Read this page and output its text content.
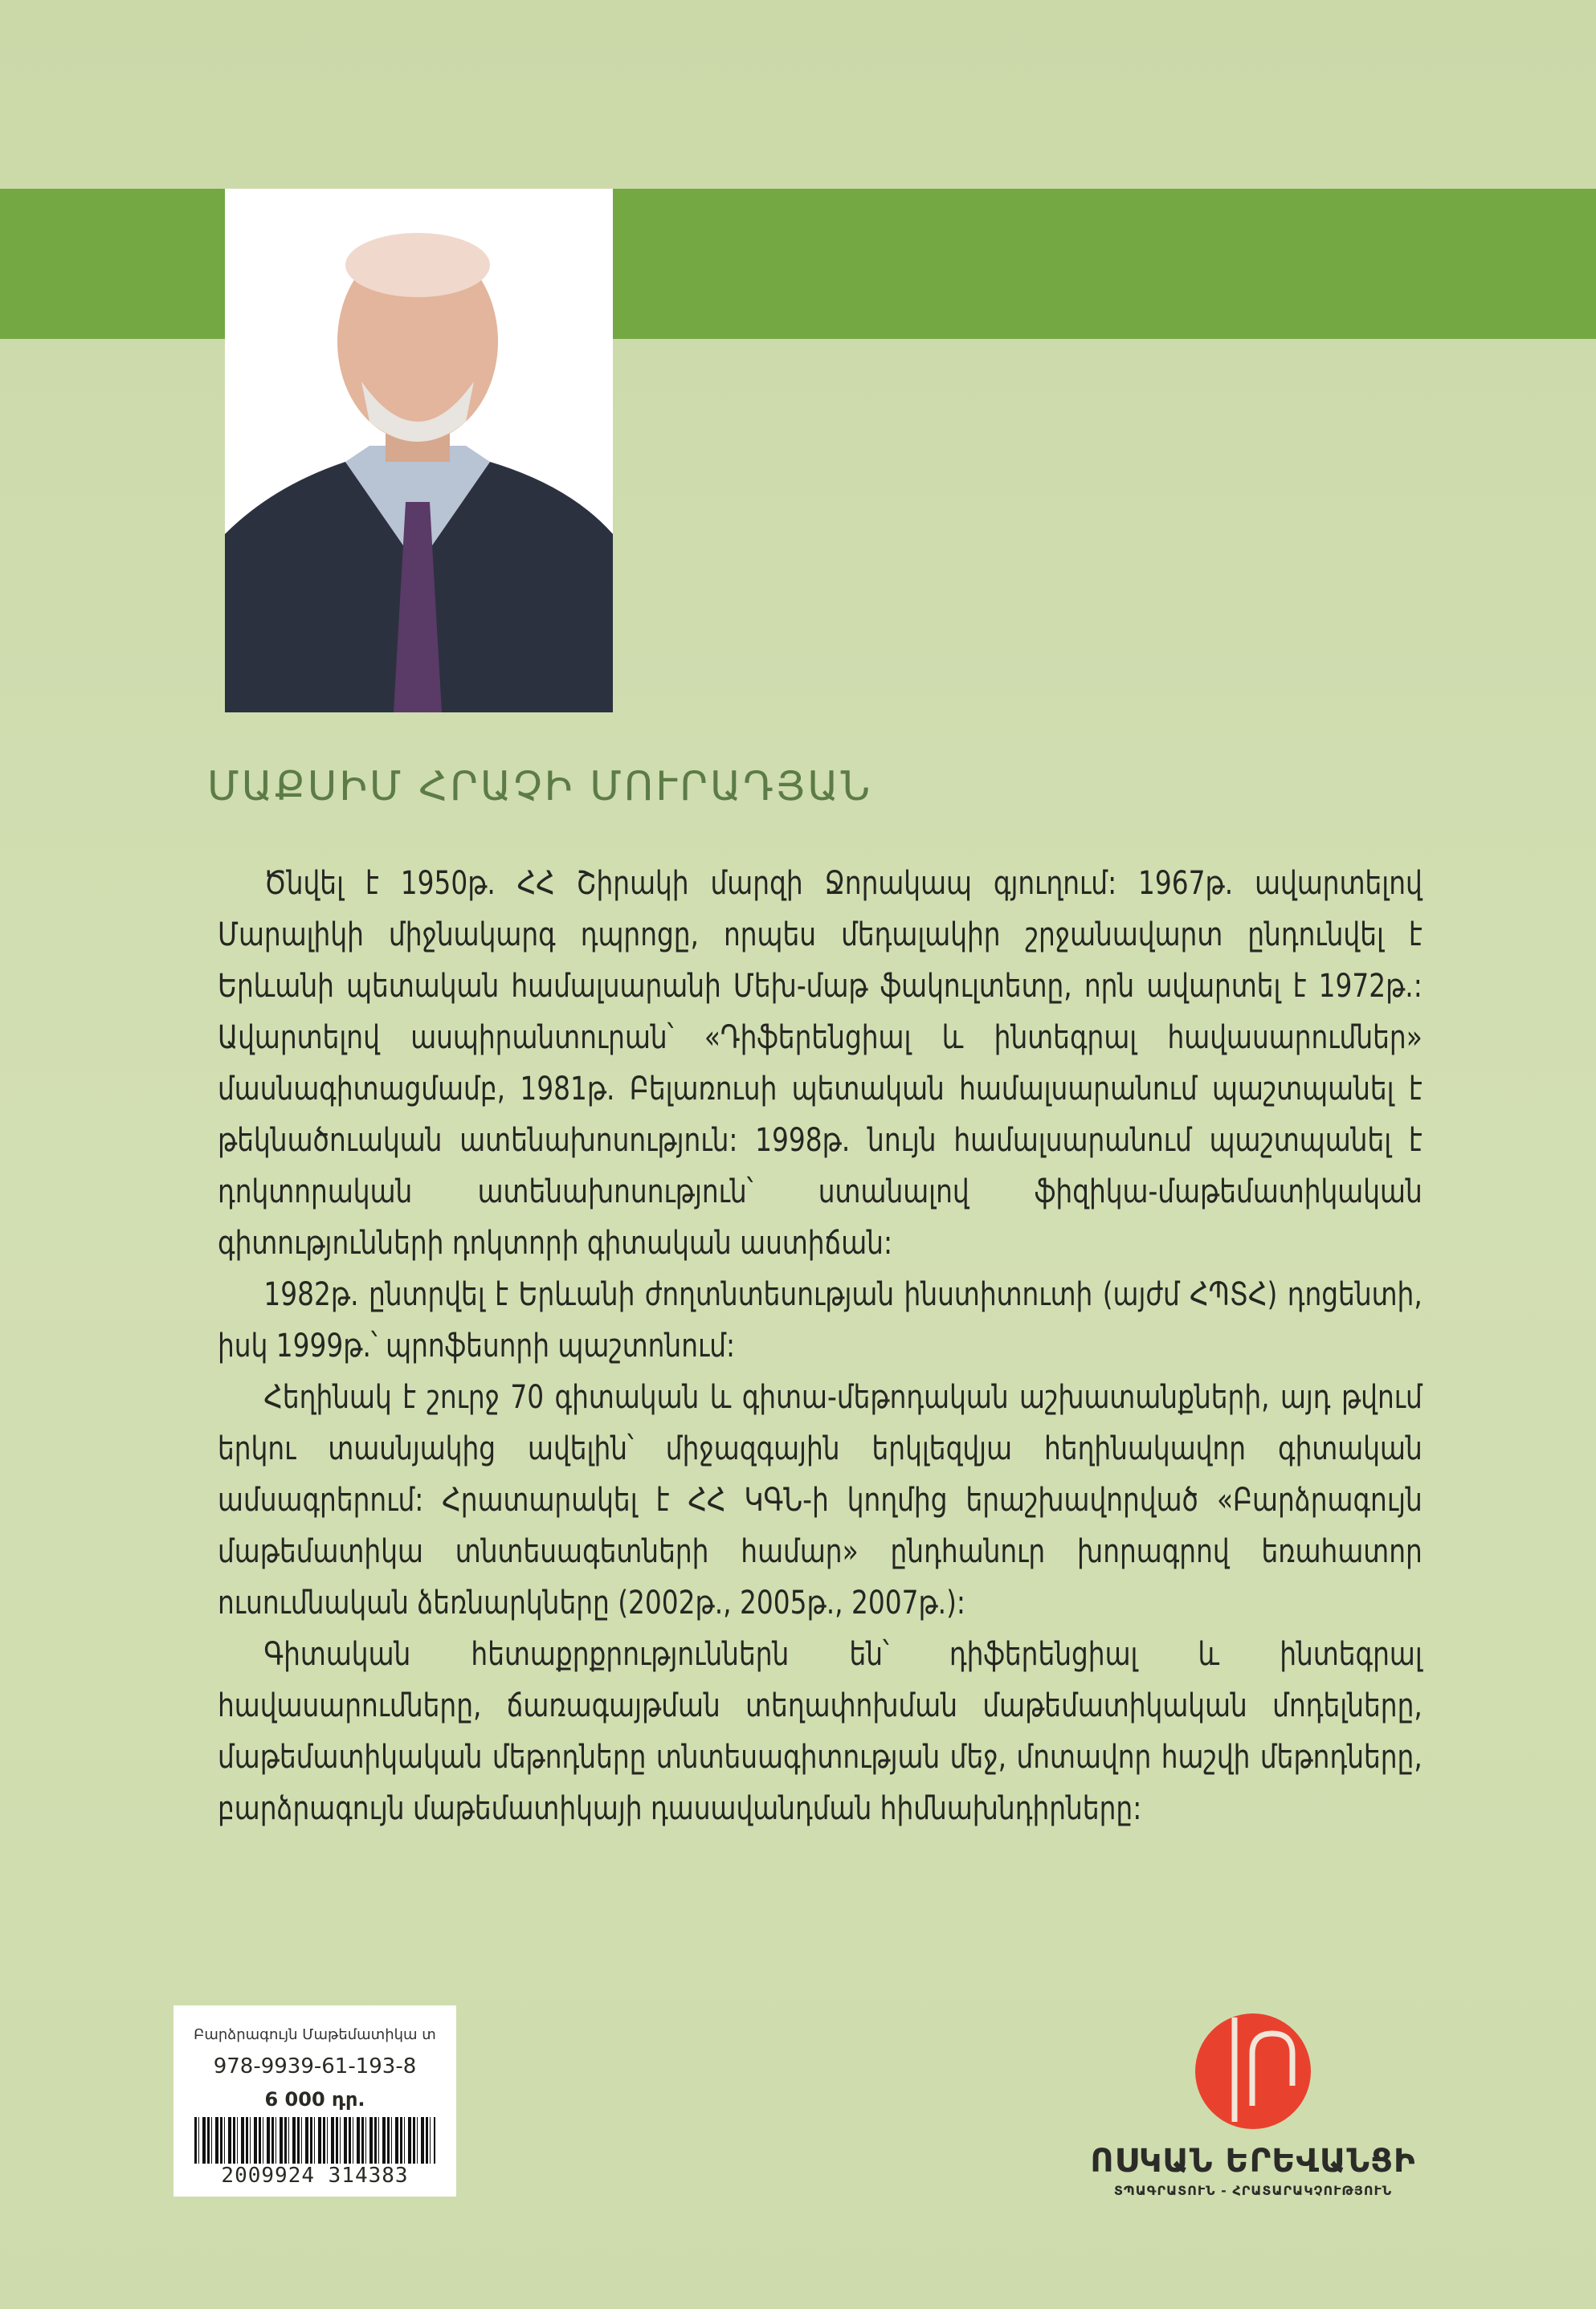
ՄԱՔՍԻՄ ՀՐԱՉԻ ՄՈՒՐԱԴՅԱՆ

Ծնվել է 1950թ. ՀՀ Շիրակի մարզի Ջորակապ գյուղում: 1967թ. ավարտելով Մարալիկի միջնակարգ դպրոցը, որպես մեդալակիր շրջանավարտ ընդունվել է Երևանի պետական համալսարանի Մեխ-մաթ ֆակուլտետը, որն ավարտել է 1972թ.: Ավարտելով ասպիրանտուրան՝ «Դիֆերենցիալ և ինտեգրալ հավասարումներ» մասնագիտացմամբ, 1981թ. Բելառուսի պետական համալսարանում պաշտպանել է թեկնածուական ատենախոսություն: 1998թ. նույն համալսարանում պաշտպանել է դոկտորական ատենախոսություն՝ ստանալով ֆիզիկա-մաթեմատիկական գիտությունների դոկտորի գիտական աստիճան:

1982թ. ընտրվել է Երևանի ժողտնտեսության ինստիտուտի (այժմ ՀՊՏՀ) դոցենտի, իսկ 1999թ.՝ պրոֆեսորի պաշտոնում:

Հեղինակ է շուրջ 70 գիտական և գիտա-մեթոդական աշխատանքների, այդ թվում երկու տասնյակից ավելին՝ միջազգային երկլեզվյա հեղինակավոր գիտական ամսագրերում: Հրատարակել է ՀՀ ԿԳՆ-ի կողմից երաշխավորված «Բարձրագույն մաթեմատիկա տնտեսագետների համար» ընդհանուր խորագրով եռահատոր ուսումնական ձեռնարկները (2002թ., 2005թ., 2007թ.):

Գիտական հետաքրքրություններն են՝ դիֆերենցիալ և ինտեգրալ հավասարումները, ճառագայթման տեղափոխման մաթեմատիկական մոդելները, մաթեմատիկական մեթոդները տնտեսագիտության մեջ, մոտավոր հաշվի մեթոդները, բարձրագույն մաթեմատիկայի դասավանդման հիմնախնդիրները:

Բարձրագույն Մաթեմատիկա տ
978-9939-61-193-8
6 000 դր.
2009924 314383	ՈՍԿԱՆ ԵՐԵՎԱՆՑԻ
ՏՊԱԳՐԱՏՈՒՆ - ՀՐԱՏԱՐԱԿՉՈՒԹՅՈՒՆ
